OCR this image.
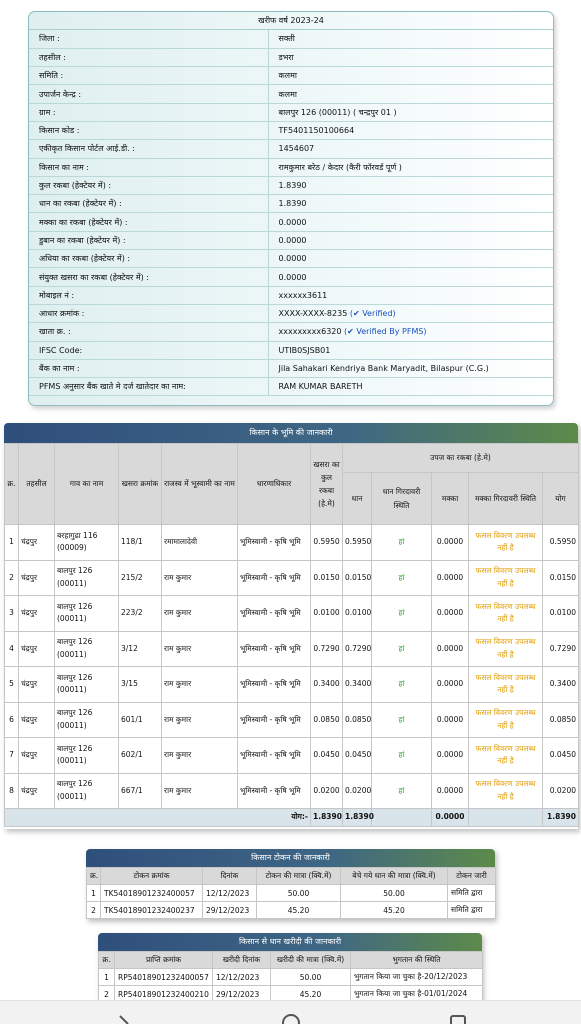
खरीफ वर्ष 2023-24
जिला :	सक्ती
तहसील :	डभरा
समिति :	कलमा
उपार्जन केन्द्र :	कलमा
ग्राम :	बालपुर 126 (00011) ( चन्द्रपुर 01 )
किसान कोड :	TF5401150100664
एकीकृत किसान पोर्टल आई.डी. :	1454607
किसान का नाम :	रामकुमार बरेठ / केदार (कैरी फॉरवर्ड पूर्ण )
कुल रकबा (हेक्टेयर में) :	1.8390
धान का रकबा (हेक्टेयर में) :	1.8390
मक्का का रकबा (हेक्टेयर में) :	0.0000
डुबान का रकबा (हेक्टेयर में) :	0.0000
अधिया का रकबा (हेक्टेयर में) :	0.0000
संयुक्त खसरा का रकबा (हेक्टेयर में) :	0.0000
मोबाइल नं :	xxxxxx3611
आधार क्रमांक :	XXXX-XXXX-8235 (✔ Verified)
खाता क्र. :	xxxxxxxxx6320 (✔ Verified By PFMS)
IFSC Code:	UTIB0SJSB01
बैंक का नाम :	Jila Sahakari Kendriya Bank Maryadit, Bilaspur (C.G.)
PFMS अनुसार बैंक खाते मे दर्ज खातेदार का नाम:	RAM KUMAR BARETH
किसान के भूमि की जानकारी
क्र.	तहसील	गाव का नाम	खसरा क्रमांक	राजस्व में भूस्वामी का नाम	धारणाधिकार	खसरा का कुल रकबा (हे.मे)	उपज का रकबा (हे.मे)				
							धान	धान गिरदावरी स्थिति	मक्का	मक्का गिरदावरी स्थिति	योग
1	चंद्रपुर	बरहागुढा 116 (00009)	118/1	रमामालादेवी	भूमिस्वामी - कृषि भूमि	0.5950	0.5950	हां	0.0000	फसल विवरण उपलब्ध नहीं है	0.5950
2	चंद्रपुर	बालपुर 126 (00011)	215/2	राम कुमार	भूमिस्वामी - कृषि भूमि	0.0150	0.0150	हां	0.0000	फसल विवरण उपलब्ध नहीं है	0.0150
3	चंद्रपुर	बालपुर 126 (00011)	223/2	राम कुमार	भूमिस्वामी - कृषि भूमि	0.0100	0.0100	हां	0.0000	फसल विवरण उपलब्ध नहीं है	0.0100
4	चंद्रपुर	बालपुर 126 (00011)	3/12	राम कुमार	भूमिस्वामी - कृषि भूमि	0.7290	0.7290	हां	0.0000	फसल विवरण उपलब्ध नहीं है	0.7290
5	चंद्रपुर	बालपुर 126 (00011)	3/15	राम कुमार	भूमिस्वामी - कृषि भूमि	0.3400	0.3400	हां	0.0000	फसल विवरण उपलब्ध नहीं है	0.3400
6	चंद्रपुर	बालपुर 126 (00011)	601/1	राम कुमार	भूमिस्वामी - कृषि भूमि	0.0850	0.0850	हां	0.0000	फसल विवरण उपलब्ध नहीं है	0.0850
7	चंद्रपुर	बालपुर 126 (00011)	602/1	राम कुमार	भूमिस्वामी - कृषि भूमि	0.0450	0.0450	हां	0.0000	फसल विवरण उपलब्ध नहीं है	0.0450
8	चंद्रपुर	बालपुर 126 (00011)	667/1	राम कुमार	भूमिस्वामी - कृषि भूमि	0.0200	0.0200	हां	0.0000	फसल विवरण उपलब्ध नहीं है	0.0200
योग:-						1.8390	1.8390		0.0000		1.8390
किसान टोकन की जानकारी
क्र.	टोकन क्रमांक	दिनांक	टोकन की मात्रा (क्वि.में)	बेचे गये धान की मात्रा (क्वि.में)	टोकन जारी
1	TK54018901232400057	12/12/2023	50.00	50.00	समिति द्वारा
2	TK54018901232400237	29/12/2023	45.20	45.20	समिति द्वारा
किसान से धान खरीदी की जानकारी
क्र.	प्राप्ति क्रमांक	खरीदी दिनांक	खरीदी की मात्रा (क्वि.में)	भुगतान की स्थिति
1	RP54018901232400057	12/12/2023	50.00	भुगतान किया जा चुका है-20/12/2023
2	RP54018901232400210	29/12/2023	45.20	भुगतान किया जा चुका है-01/01/2024
